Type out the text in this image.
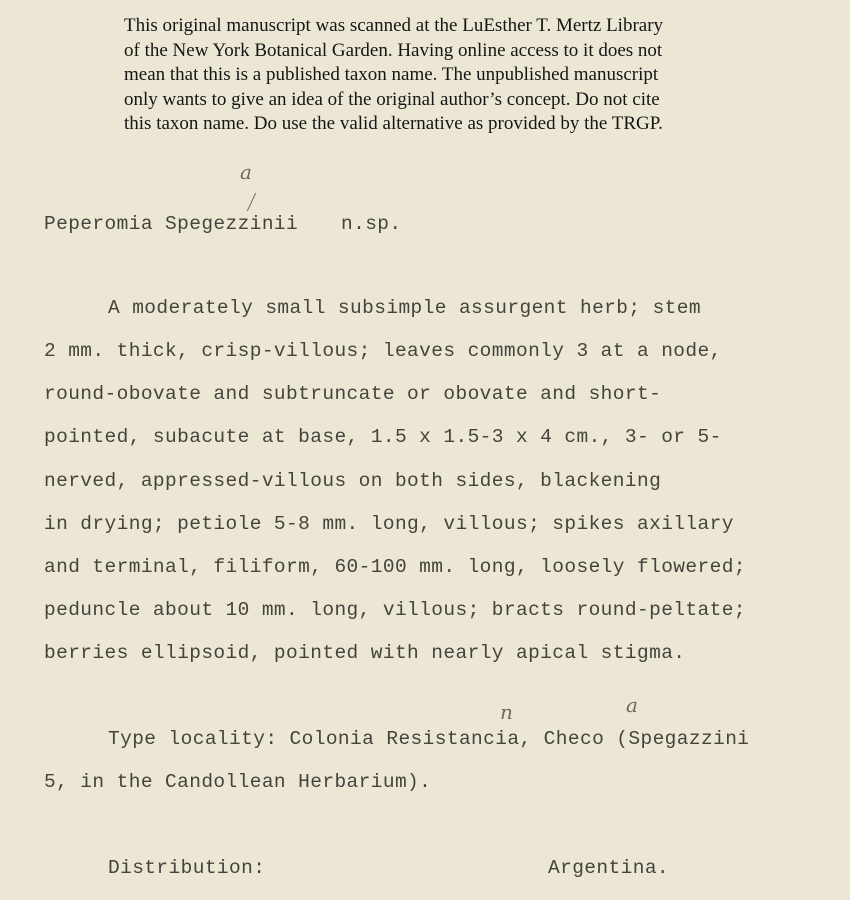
This original manuscript was scanned at the LuEsther T. Mertz Library
of the New York Botanical Garden. Having online access to it does not
mean that this is a published taxon name. The unpublished manuscript
only wants to give an idea of the original author’s concept. Do not cite
this taxon name. Do use the valid alternative as provided by the TRGP.
a
Peperomia Spegezzinii n.sp.
A moderately small subsimple assurgent herb; stem
2 mm. thick, crisp-villous; leaves commonly 3 at a node,
round-obovate and subtruncate or obovate and short-
pointed, subacute at base, 1.5 x 1.5-3 x 4 cm., 3- or 5-
nerved, appressed-villous on both sides, blackening
in drying; petiole 5-8 mm. long, villous; spikes axillary
and terminal, filiform, 60-100 mm. long, loosely flowered;
peduncle about 10 mm. long, villous; bracts round-peltate;
berries ellipsoid, pointed with nearly apical stigma.
n	a
Type locality: Colonia Resistancia, Checo (Spegazzini
5, in the Candollean Herbarium).
Distribution:	Argentina.
